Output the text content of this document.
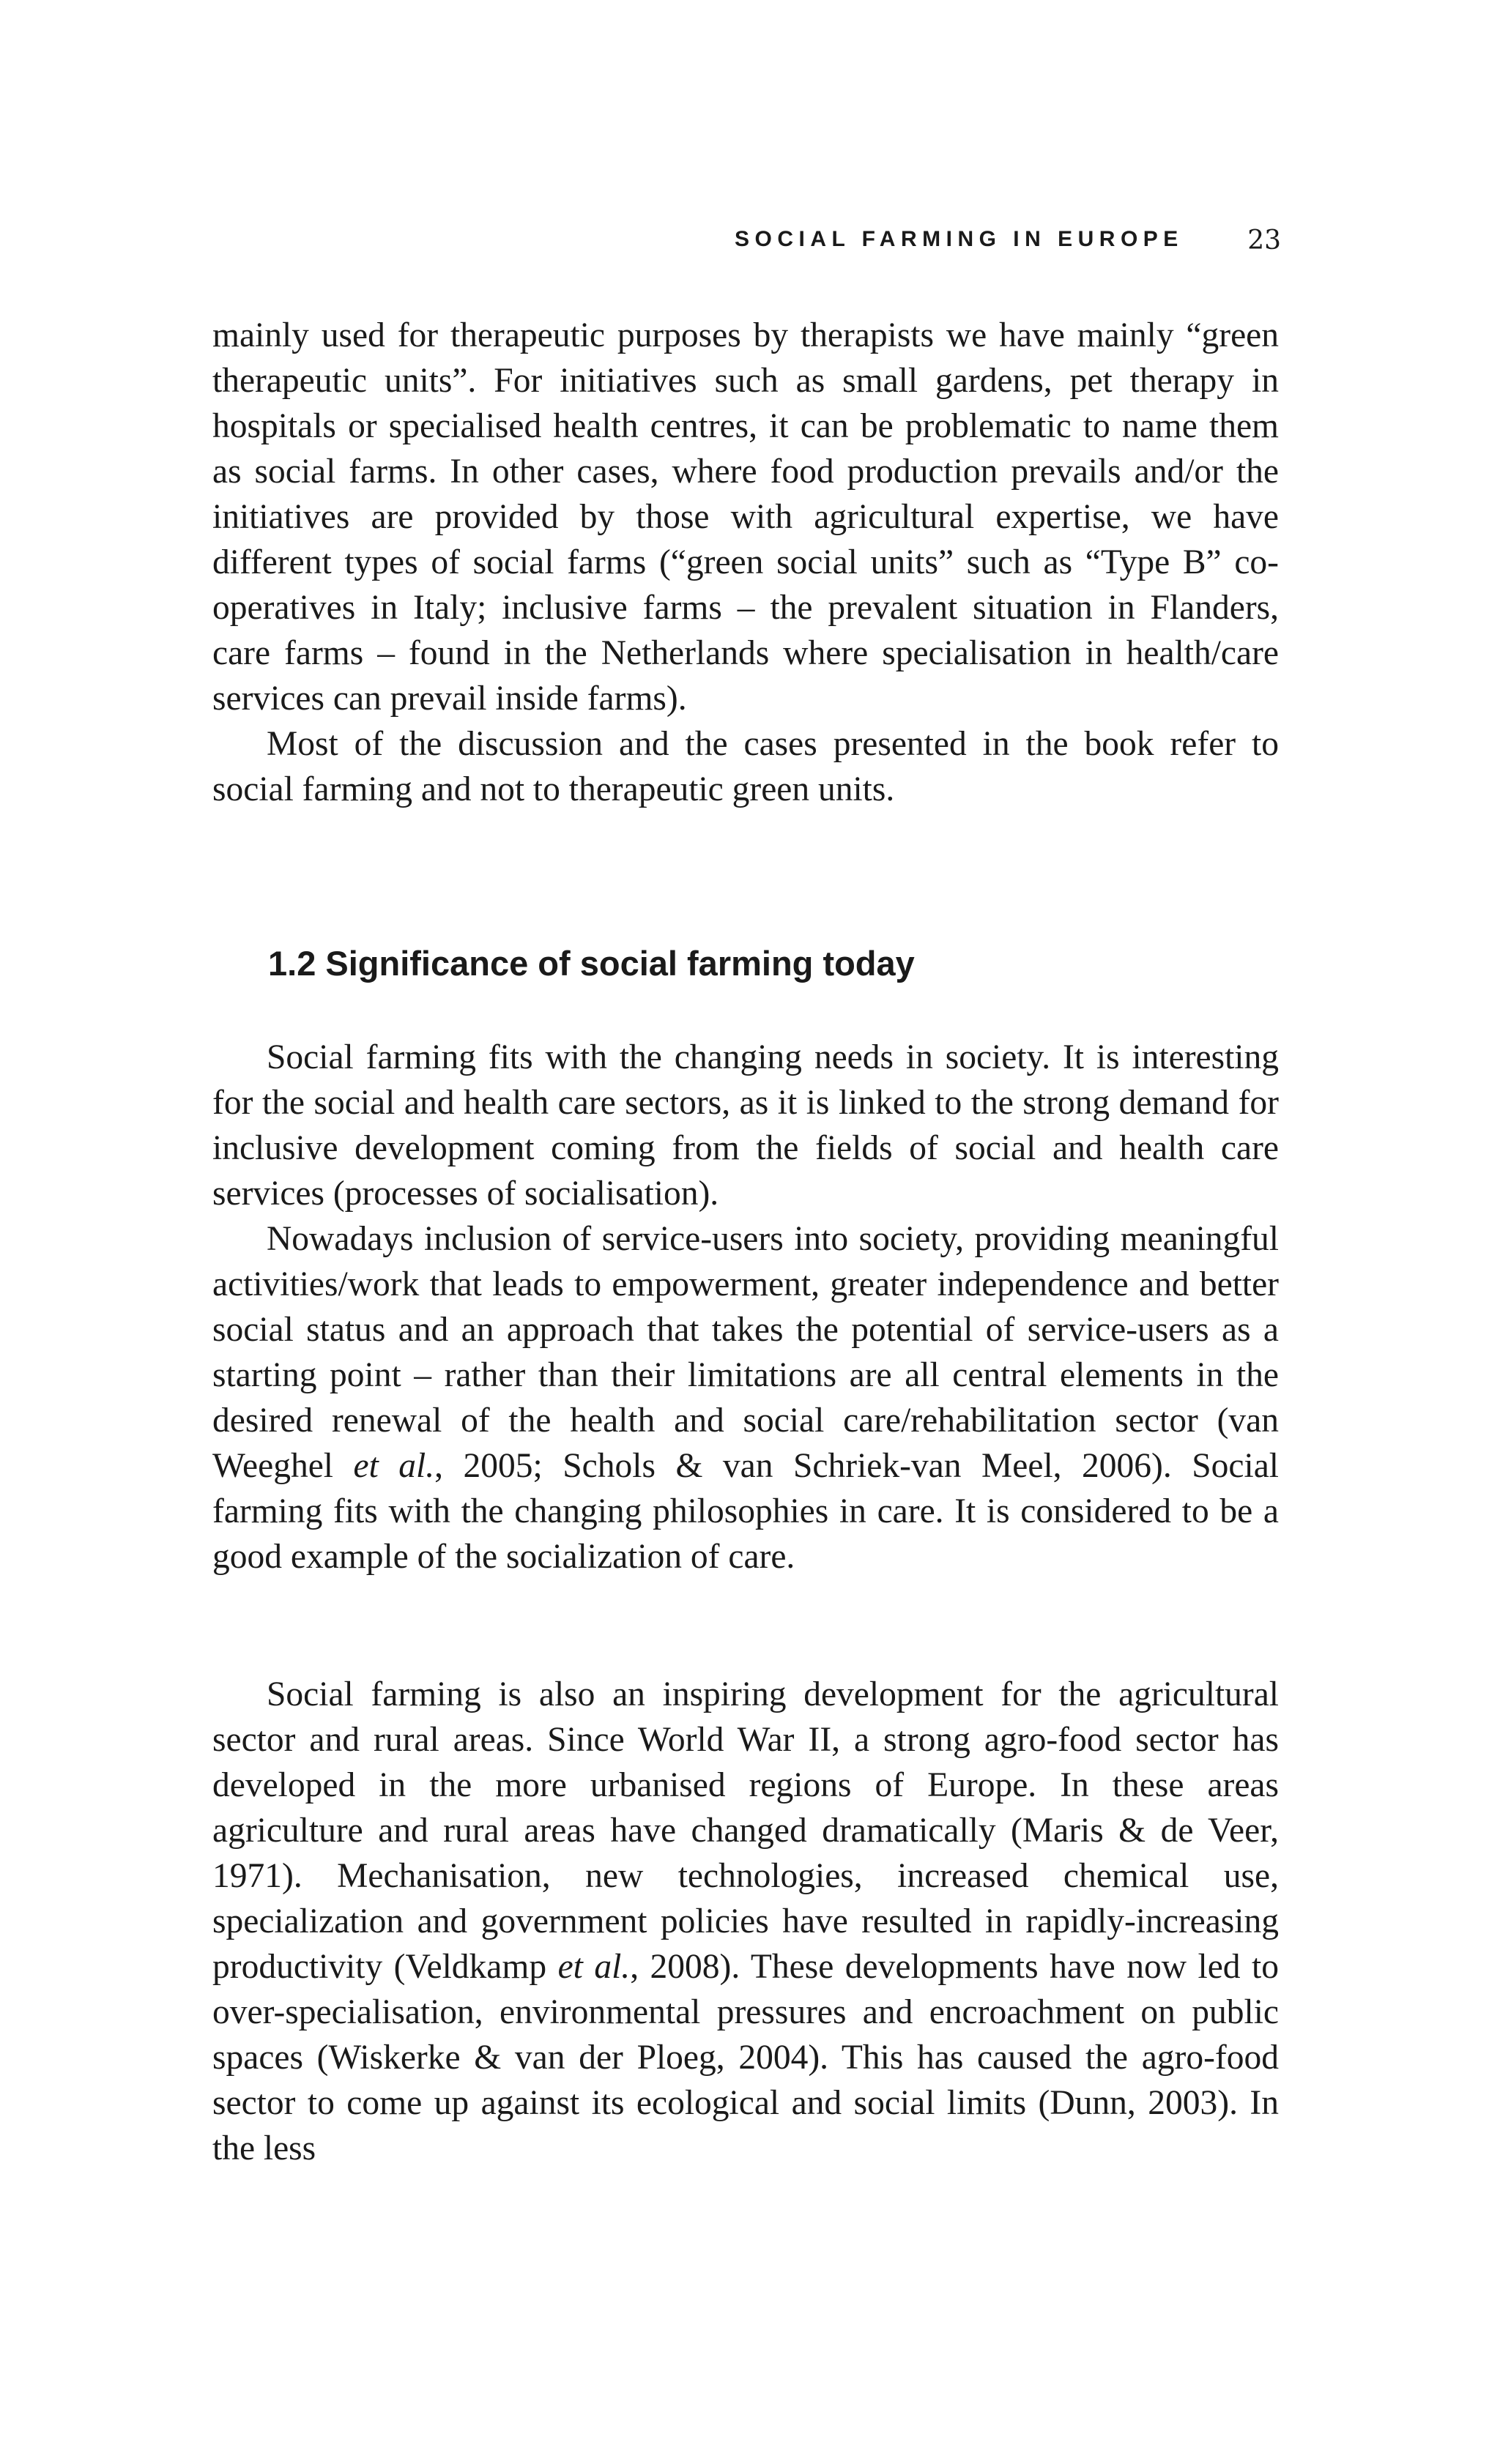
SOCIAL FARMING IN EUROPE 23

mainly used for therapeutic purposes by therapists we have mainly “green therapeutic units”. For initiatives such as small gardens, pet therapy in hospitals or specialised health centres, it can be problematic to name them as social farms. In other cases, where food production prevails and/or the initiatives are provided by those with agricultural expertise, we have different types of social farms (“green social units” such as “Type B” co-operatives in Italy; inclusive farms – the prevalent situation in Flanders, care farms – found in the Netherlands where specialisation in health/care services can prevail inside farms).

Most of the discussion and the cases presented in the book refer to social farming and not to therapeutic green units.

1.2 Significance of social farming today

Social farming fits with the changing needs in society. It is interesting for the social and health care sectors, as it is linked to the strong demand for inclusive development coming from the fields of social and health care services (processes of socialisation).

Nowadays inclusion of service-users into society, providing meaningful activities/work that leads to empowerment, greater independence and better social status and an approach that takes the potential of service-users as a starting point – rather than their limitations are all central elements in the desired renewal of the health and social care/rehabilitation sector (van Weeghel et al., 2005; Schols & van Schriek-van Meel, 2006). Social farming fits with the changing philosophies in care. It is considered to be a good example of the socialization of care.

Social farming is also an inspiring development for the agricultural sector and rural areas. Since World War II, a strong agro-food sector has developed in the more urbanised regions of Europe. In these areas agriculture and rural areas have changed dramatically (Maris & de Veer, 1971). Mechanisation, new technologies, increased chemical use, specialization and government policies have resulted in rapidly-increasing productivity (Veldkamp et al., 2008). These developments have now led to over-specialisation, environmental pressures and encroachment on public spaces (Wiskerke & van der Ploeg, 2004). This has caused the agro-food sector to come up against its ecological and social limits (Dunn, 2003). In the less
